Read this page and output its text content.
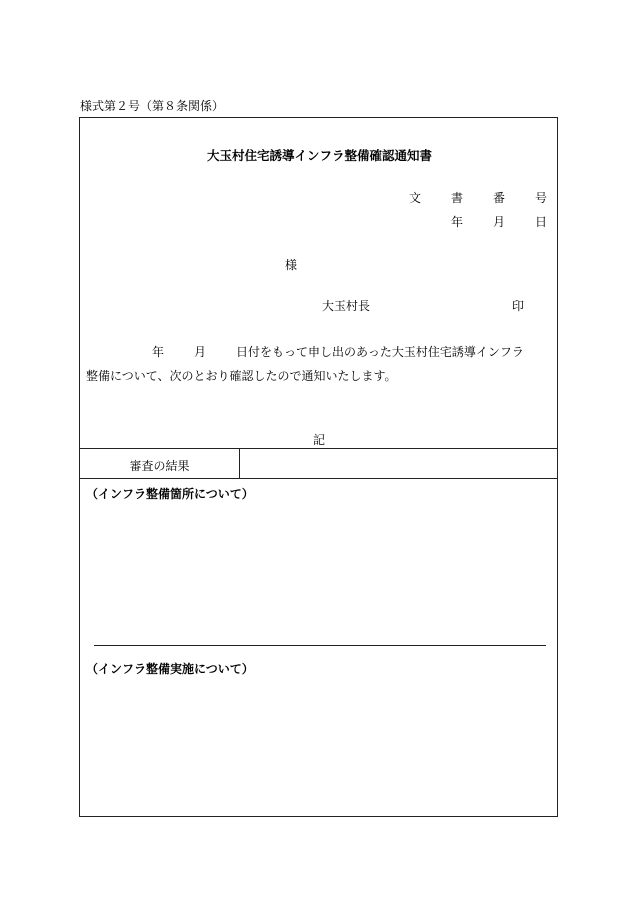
様式第２号（第８条関係）
大玉村住宅誘導インフラ整備確認通知書
文	書	番	号
年	月	日
様
大玉村長	印
年	月	日付をもって申し出のあった大玉村住宅誘導インフラ
整備について、次のとおり確認したので通知いたします。
記
審査の結果
（インフラ整備箇所について）
（インフラ整備実施について）
